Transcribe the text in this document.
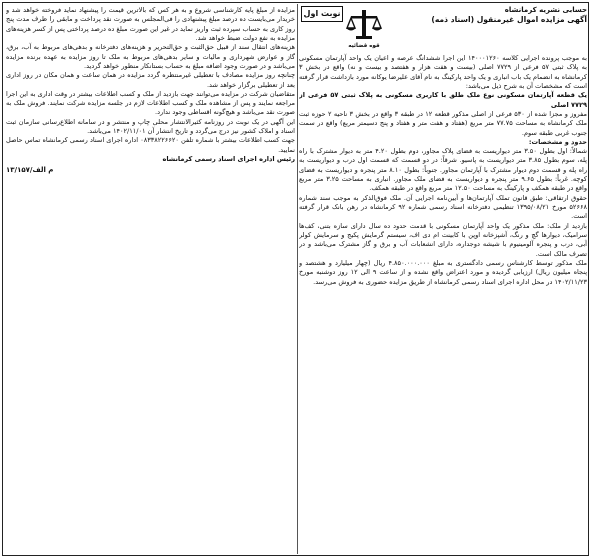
حسابی نشریه کرمانشاه

آگهی مزایده اموال غیرمنقول (اسناد ذمه)

نوبت اول
قوه قضائیه

به موجب پرونده اجرایی کلاسه ۱۴۰۰۰۱۲۶۰ این اجرا ششدانگ عرصه و اعیان یک واحد آپارتمان مسکونی به پلاک ثبتی ۵۷ فرعی از ۷۷۲۹ اصلی (بیست و هفت هزار و هفتصد و بیست و نه) واقع در بخش ۳ کرمانشاه به انضمام یک باب انباری و یک واحد پارکینگ به نام آقای علیرضا یوکانه مورد بازداشت قرار گرفته است که مشخصات آن به شرح ذیل می‌باشد:

یک قطعه آپارتمان مسکونی نوع ملک طلق با کاربری مسکونی به پلاک ثبتی ۵۷ فرعی از ۷۷۲۹ اصلی

مفروز و مجزا شده از ۵۳۰ فرعی از اصلی مذکور قطعه ۱۲ در طبقه ۳ واقع در بخش ۳ ناحیه ۲ حوزه ثبت ملک کرمانشاه به مساحت ۷۷.۷۵ متر مربع (هفتاد و هفت متر و هفتاد و پنج دسیمتر مربع) واقع در سمت جنوب غربی طبقه سوم.

حدود و مشخصات:

شمالاً: اول بطول ۳.۵۰ متر دیواریست به فضای پلاک مجاور، دوم بطول ۴.۲۰ متر به دیوار مشترک با راه پله، سوم بطول ۳.۸۵ متر دیواریست به پاسیو. شرقاً: در دو قسمت که قسمت اول درب و دیواریست به راه پله و قسمت دوم دیوار مشترک با آپارتمان مجاور. جنوباً: بطول ۸.۱۰ متر پنجره و دیواریست به فضای کوچه. غرباً: بطول ۹.۶۵ متر پنجره و دیواریست به فضای ملک مجاور. انباری به مساحت ۳.۲۵ متر مربع واقع در طبقه همکف و پارکینگ به مساحت ۱۲.۵۰ متر مربع واقع در طبقه همکف.

حقوق ارتفاقی: طبق قانون تملک آپارتمان‌ها و آیین‌نامه اجرایی آن. ملک فوق‌الذکر به موجب سند شماره ۵۲۶۶۸ مورخ ۱۳۹۵/۰۸/۲۱ تنظیمی دفترخانه اسناد رسمی شماره ۹۲ کرمانشاه در رهن بانک قرار گرفته است.

بازدید از ملک: ملک مذکور یک واحد آپارتمان مسکونی با قدمت حدود ده سال دارای سازه بتنی، کف‌ها سرامیک، دیوارها گچ و رنگ، آشپزخانه اوپن با کابینت ام دی اف، سیستم گرمایش پکیج و سرمایش کولر آبی، درب و پنجره آلومینیوم با شیشه دوجداره، دارای انشعابات آب و برق و گاز مشترک می‌باشد و در تصرف مالک است.

ملک مذکور توسط کارشناس رسمی دادگستری به مبلغ ۴.۸۵۰.۰۰۰.۰۰۰ ریال (چهار میلیارد و هشتصد و پنجاه میلیون ریال) ارزیابی گردیده و مورد اعتراض واقع نشده و از ساعت ۹ الی ۱۲ روز دوشنبه مورخ ۱۴۰۲/۱۱/۲۳ در محل اداره اجرای اسناد رسمی کرمانشاه از طریق مزایده حضوری به فروش می‌رسد.

مزایده از مبلغ پایه کارشناسی شروع و به هر کس که بالاترین قیمت را پیشنهاد نماید فروخته خواهد شد و خریدار می‌بایست ده درصد مبلغ پیشنهادی را فی‌المجلس به صورت نقد پرداخت و مابقی را ظرف مدت پنج روز کاری به حساب سپرده ثبت واریز نماید در غیر این صورت مبلغ ده درصد پرداختی پس از کسر هزینه‌های مزایده به نفع دولت ضبط خواهد شد.

هزینه‌های انتقال سند از قبیل حق‌الثبت و حق‌التحریر و هزینه‌های دفترخانه و بدهی‌های مربوط به آب، برق، گاز و عوارض شهرداری و مالیات و سایر بدهی‌های مربوط به ملک تا روز مزایده به عهده برنده مزایده می‌باشد و در صورت وجود اضافه مبلغ به حساب بستانکار منظور خواهد گردید.

چنانچه روز مزایده مصادف با تعطیلی غیرمنتظره گردد مزایده در همان ساعت و همان مکان در روز اداری بعد از تعطیلی برگزار خواهد شد.

متقاضیان شرکت در مزایده می‌توانند جهت بازدید از ملک و کسب اطلاعات بیشتر در وقت اداری به این اجرا مراجعه نمایند و پس از مشاهده ملک و کسب اطلاعات لازم در جلسه مزایده شرکت نمایند. فروش ملک به صورت نقد می‌باشد و هیچ‌گونه اقساطی وجود ندارد.

این آگهی در یک نوبت در روزنامه کثیرالانتشار محلی چاپ و منتشر و در سامانه اطلاع‌رسانی سازمان ثبت اسناد و املاک کشور نیز درج می‌گردد و تاریخ انتشار آن ۱۴۰۲/۱۱/۰۱ می‌باشد.

جهت کسب اطلاعات بیشتر با شماره تلفن ۰۸۳۳۸۲۲۶۶۲۰ اداره اجرای اسناد رسمی کرمانشاه تماس حاصل نمایید.

رئیس اداره اجرای اسناد رسمی کرمانشاه

۱۳/۱م الف/۵۷
